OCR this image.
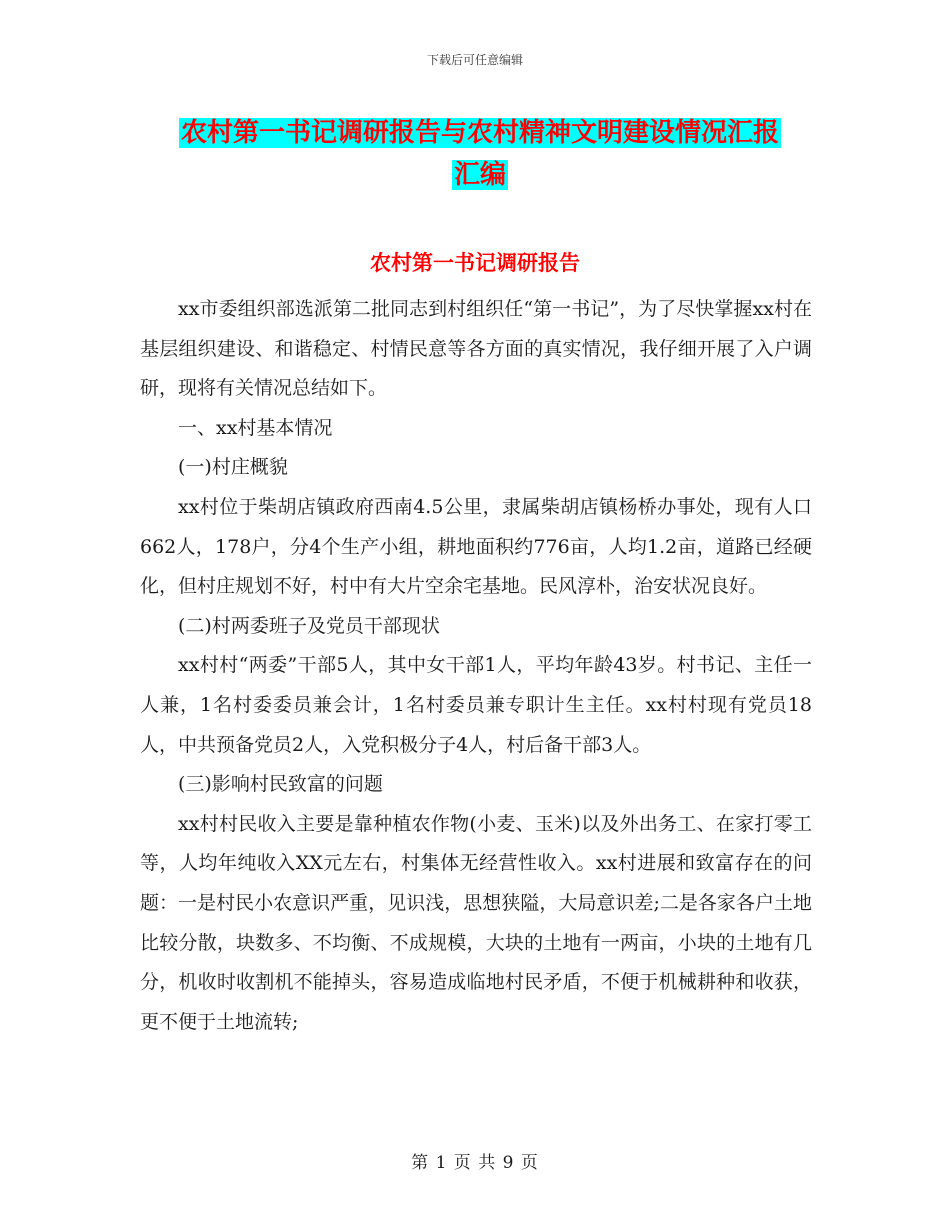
下载后可任意编辑
农村第一书记调研报告与农村精神文明建设情况汇报
汇编
农村第一书记调研报告

xx市委组织部选派第二批同志到村组织任“第一书记”，为了尽快掌握xx村在基层组织建设、和谐稳定、村情民意等各方面的真实情况，我仔细开展了入户调研，现将有关情况总结如下。

一、xx村基本情况

(一)村庄概貌

xx村位于柴胡店镇政府西南4.5公里，隶属柴胡店镇杨桥办事处，现有人口662人，178户，分4个生产小组，耕地面积约776亩，人均1.2亩，道路已经硬化，但村庄规划不好，村中有大片空余宅基地。民风淳朴，治安状况良好。

(二)村两委班子及党员干部现状

xx村村“两委”干部5人，其中女干部1人，平均年龄43岁。村书记、主任一人兼，1名村委委员兼会计，1名村委员兼专职计生主任。xx村村现有党员18人，中共预备党员2人，入党积极分子4人，村后备干部3人。

(三)影响村民致富的问题

xx村村民收入主要是靠种植农作物(小麦、玉米)以及外出务工、在家打零工等，人均年纯收入XX元左右，村集体无经营性收入。xx村进展和致富存在的问题：一是村民小农意识严重，见识浅，思想狭隘，大局意识差;二是各家各户土地比较分散，块数多、不均衡、不成规模，大块的土地有一两亩，小块的土地有几分，机收时收割机不能掉头，容易造成临地村民矛盾，不便于机械耕种和收获，更不便于土地流转;

第 1 页 共 9 页
